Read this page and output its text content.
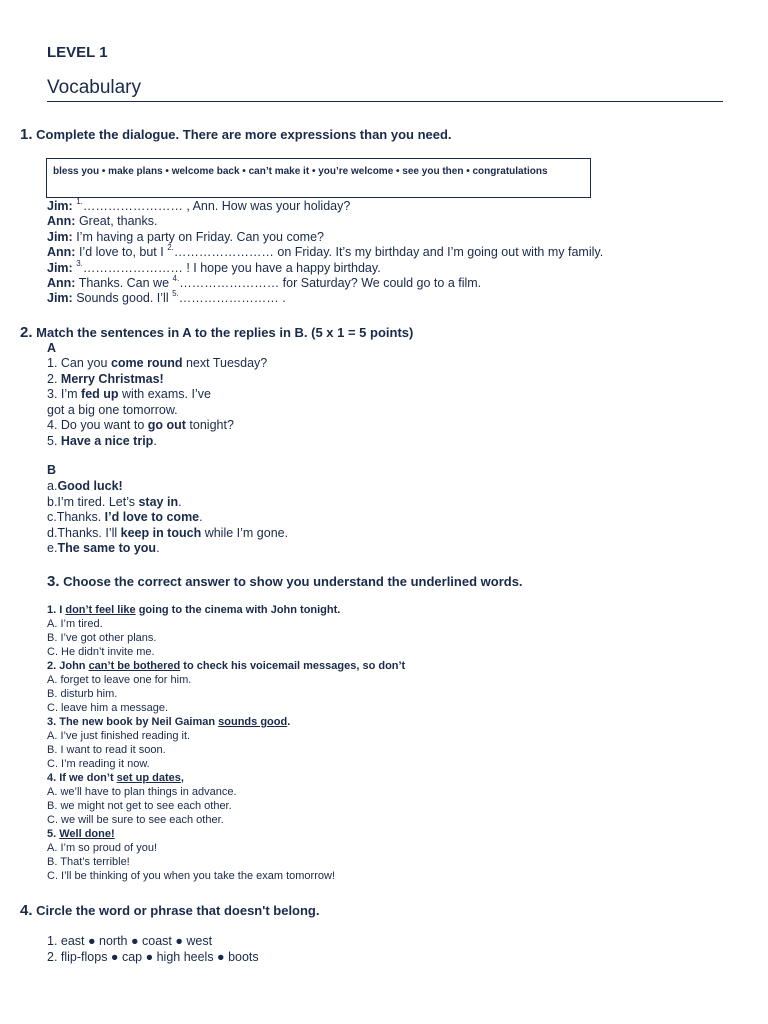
LEVEL 1
Vocabulary
1. Complete the dialogue. There are more expressions than you need.
bless you • make plans • welcome back • can’t make it • you’re welcome • see you then • congratulations
Jim: $^{1.}$…………………… , Ann. How was your holiday?
Ann: Great, thanks.
Jim: I’m having a party on Friday. Can you come?
Ann: I’d love to, but I $^{2.}$…………………… on Friday. It’s my birthday and I’m going out with my family.
Jim: $^{3.}$…………………… ! I hope you have a happy birthday.
Ann: Thanks. Can we $^{4.}$…………………… for Saturday? We could go to a film.
Jim: Sounds good. I’ll $^{5.}$…………………… .
2. Match the sentences in A to the replies in B. (5 x 1 = 5 points)
A
1. Can you come round next Tuesday?
2. Merry Christmas!
3. I’m fed up with exams. I’ve
got a big one tomorrow.
4. Do you want to go out tonight?
5. Have a nice trip.
B
a.Good luck!
b.I’m tired. Let’s stay in.
c.Thanks. I’d love to come.
d.Thanks. I’ll keep in touch while I’m gone.
e.The same to you.
3. Choose the correct answer to show you understand the underlined words.
1. I don’t feel like going to the cinema with John tonight.
A. I’m tired.
B. I’ve got other plans.
C. He didn’t invite me.
2. John can’t be bothered to check his voicemail messages, so don’t
A. forget to leave one for him.
B. disturb him.
C. leave him a message.
3. The new book by Neil Gaiman sounds good.
A. I’ve just finished reading it.
B. I want to read it soon.
C. I’m reading it now.
4. If we don’t set up dates,
A. we’ll have to plan things in advance.
B. we might not get to see each other.
C. we will be sure to see each other.
5. Well done!
A. I’m so proud of you!
B. That’s terrible!
C. I’ll be thinking of you when you take the exam tomorrow!
4. Circle the word or phrase that doesn't belong.
1. east ● north ● coast ● west
2. flip-flops ● cap ● high heels ● boots
